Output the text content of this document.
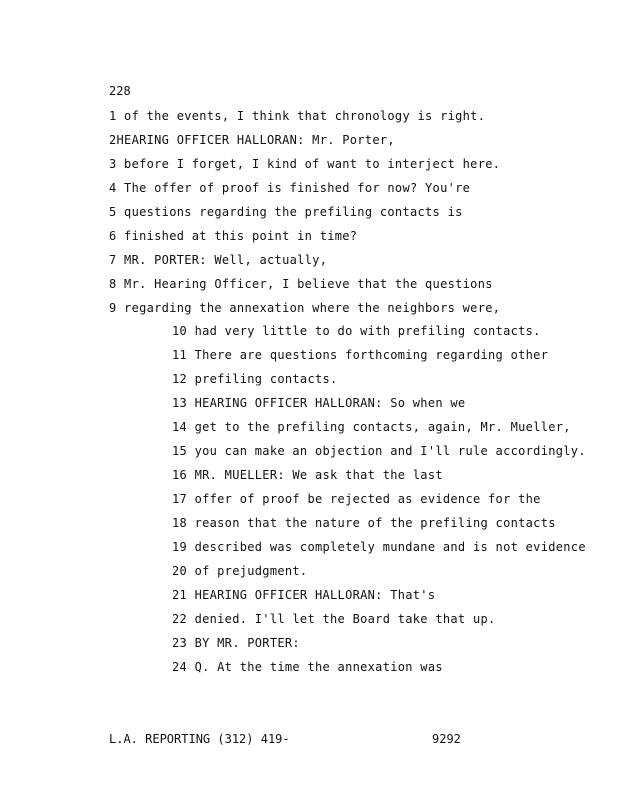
228
1 of the events, I think that chronology is right.
2HEARING OFFICER HALLORAN: Mr. Porter,
3 before I forget, I kind of want to interject here.
4 The offer of proof is finished for now? You're
5 questions regarding the prefiling contacts is
6 finished at this point in time?
7 MR. PORTER: Well, actually,
8 Mr. Hearing Officer, I believe that the questions
9 regarding the annexation where the neighbors were,
10 had very little to do with prefiling contacts.
11 There are questions forthcoming regarding other
12 prefiling contacts.
13 HEARING OFFICER HALLORAN: So when we
14 get to the prefiling contacts, again, Mr. Mueller,
15 you can make an objection and I'll rule accordingly.
16 MR. MUELLER: We ask that the last
17 offer of proof be rejected as evidence for the
18 reason that the nature of the prefiling contacts
19 described was completely mundane and is not evidence
20 of prejudgment.
21 HEARING OFFICER HALLORAN: That's
22 denied. I'll let the Board take that up.
23 BY MR. PORTER:
24 Q. At the time the annexation was
L.A. REPORTING (312) 419-	9292
